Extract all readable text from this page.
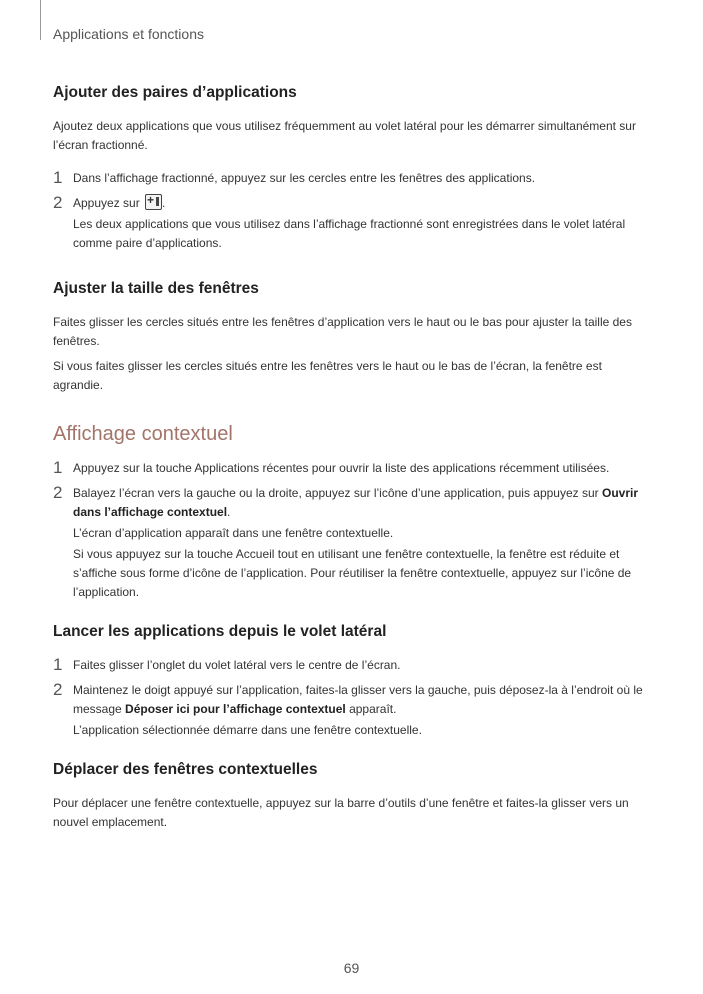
Applications et fonctions
Ajouter des paires d’applications

Ajoutez deux applications que vous utilisez fréquemment au volet latéral pour les démarrer simultanément sur l’écran fractionné.

1 Dans l’affichage fractionné, appuyez sur les cercles entre les fenêtres des applications.

2 Appuyez sur + .

Les deux applications que vous utilisez dans l’affichage fractionné sont enregistrées dans le volet latéral comme paire d’applications.

Ajuster la taille des fenêtres

Faites glisser les cercles situés entre les fenêtres d’application vers le haut ou le bas pour ajuster la taille des fenêtres.

Si vous faites glisser les cercles situés entre les fenêtres vers le haut ou le bas de l’écran, la fenêtre est agrandie.

Affichage contextuel
1 Appuyez sur la touche Applications récentes pour ouvrir la liste des applications récemment utilisées.

2 Balayez l’écran vers la gauche ou la droite, appuyez sur l’icône d’une application, puis appuyez sur Ouvrir dans l’affichage contextuel.

L’écran d’application apparaît dans une fenêtre contextuelle.

Si vous appuyez sur la touche Accueil tout en utilisant une fenêtre contextuelle, la fenêtre est réduite et s’affiche sous forme d’icône de l’application. Pour réutiliser la fenêtre contextuelle, appuyez sur l’icône de l’application.

Lancer les applications depuis le volet latéral
1 Faites glisser l’onglet du volet latéral vers le centre de l’écran.

2 Maintenez le doigt appuyé sur l’application, faites-la glisser vers la gauche, puis déposez-la à l’endroit où le message Déposer ici pour l’affichage contextuel apparaît.

L’application sélectionnée démarre dans une fenêtre contextuelle.

Déplacer des fenêtres contextuelles

Pour déplacer une fenêtre contextuelle, appuyez sur la barre d’outils d’une fenêtre et faites-la glisser vers un nouvel emplacement.

69
